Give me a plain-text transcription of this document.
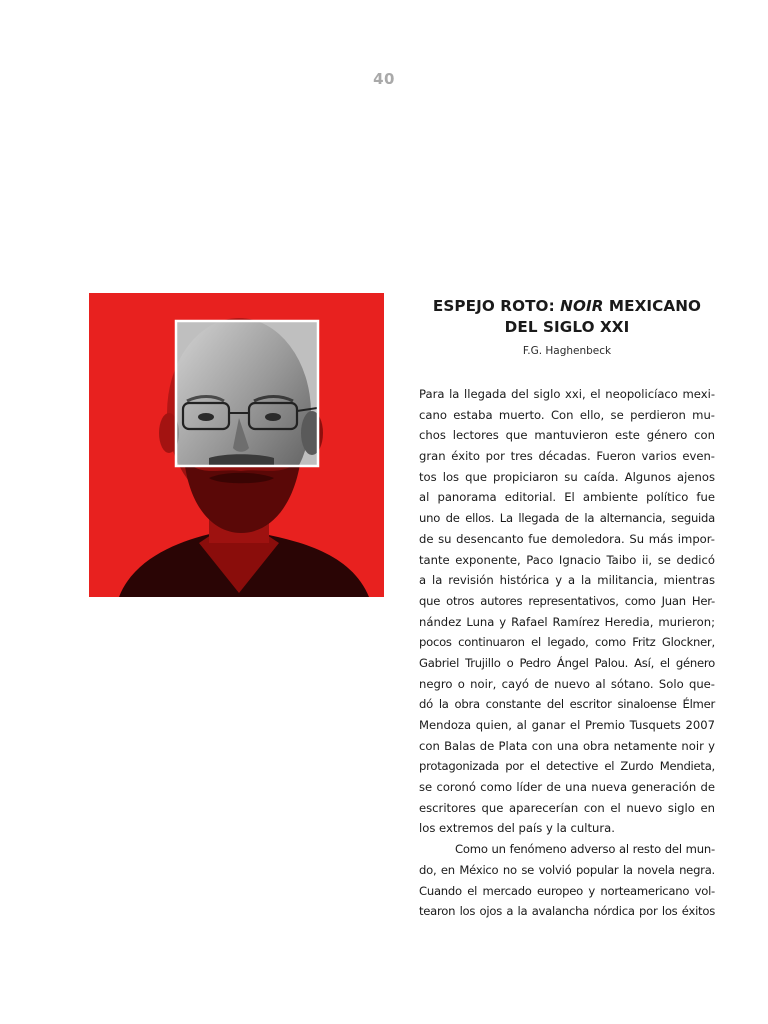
40
ESPEJO ROTO: NOIR MEXICANO DEL SIGLO XXI
F.G. Haghenbeck
Para la llegada del siglo xxi, el neopolicíaco mexi-
cano estaba muerto. Con ello, se perdieron mu-
chos lectores que mantuvieron este género con
gran éxito por tres décadas. Fueron varios even-
tos los que propiciaron su caída. Algunos ajenos
al panorama editorial. El ambiente político fue
uno de ellos. La llegada de la alternancia, seguida
de su desencanto fue demoledora. Su más impor-
tante exponente, Paco Ignacio Taibo ii, se dedicó
a la revisión histórica y a la militancia, mientras
que otros autores representativos, como Juan Her-
nández Luna y Rafael Ramírez Heredia, murieron;
pocos continuaron el legado, como Fritz Glockner,
Gabriel Trujillo o Pedro Ángel Palou. Así, el género
negro o noir, cayó de nuevo al sótano. Solo que-
dó la obra constante del escritor sinaloense Élmer
Mendoza quien, al ganar el Premio Tusquets 2007
con Balas de Plata con una obra netamente noir y
protagonizada por el detective el Zurdo Mendieta,
se coronó como líder de una nueva generación de
escritores que aparecerían con el nuevo siglo en
los extremos del país y la cultura.
Como un fenómeno adverso al resto del mun-
do, en México no se volvió popular la novela negra.
Cuando el mercado europeo y norteamericano vol-
tearon los ojos a la avalancha nórdica por los éxitos
